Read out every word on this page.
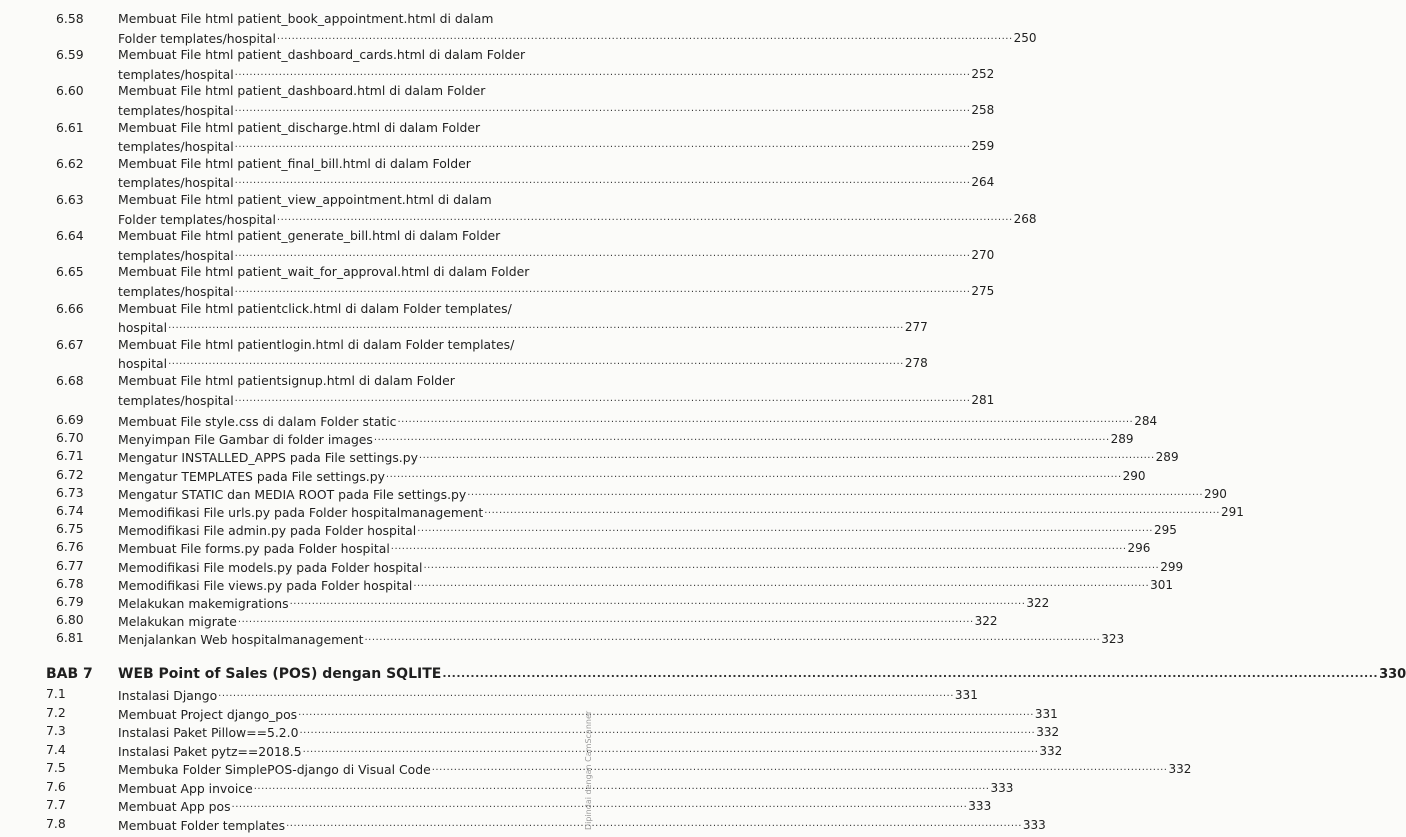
6.58	Membuat File html patient_book_appointment.html di dalam
Folder templates/hospital ........................................................................................................................................................................................................ 250
6.59	Membuat File html patient_dashboard_cards.html di dalam Folder
templates/hospital ........................................................................................................................................................................................................ 252
6.60	Membuat File html patient_dashboard.html di dalam Folder
templates/hospital ........................................................................................................................................................................................................ 258
6.61	Membuat File html patient_discharge.html di dalam Folder
templates/hospital ........................................................................................................................................................................................................ 259
6.62	Membuat File html patient_final_bill.html di dalam Folder
templates/hospital ........................................................................................................................................................................................................ 264
6.63	Membuat File html patient_view_appointment.html di dalam
Folder templates/hospital ........................................................................................................................................................................................................ 268
6.64	Membuat File html patient_generate_bill.html di dalam Folder
templates/hospital ........................................................................................................................................................................................................ 270
6.65	Membuat File html patient_wait_for_approval.html di dalam Folder
templates/hospital ........................................................................................................................................................................................................ 275
6.66	Membuat File html patientclick.html di dalam Folder templates/
hospital ........................................................................................................................................................................................................ 277
6.67	Membuat File html patientlogin.html di dalam Folder templates/
hospital ........................................................................................................................................................................................................ 278
6.68	Membuat File html patientsignup.html di dalam Folder
templates/hospital ........................................................................................................................................................................................................ 281
6.69	Membuat File style.css di dalam Folder static ........................................................................................................................................................................................................ 284
6.70	Menyimpan File Gambar di folder images ........................................................................................................................................................................................................ 289
6.71	Mengatur INSTALLED_APPS pada File settings.py ........................................................................................................................................................................................................ 289
6.72	Mengatur TEMPLATES pada File settings.py ........................................................................................................................................................................................................ 290
6.73	Mengatur STATIC dan MEDIA ROOT pada File settings.py ........................................................................................................................................................................................................ 290
6.74	Memodifikasi File urls.py pada Folder hospitalmanagement ........................................................................................................................................................................................................ 291
6.75	Memodifikasi File admin.py pada Folder hospital ........................................................................................................................................................................................................ 295
6.76	Membuat File forms.py pada Folder hospital ........................................................................................................................................................................................................ 296
6.77	Memodifikasi File models.py pada Folder hospital ........................................................................................................................................................................................................ 299
6.78	Memodifikasi File views.py pada Folder hospital ........................................................................................................................................................................................................ 301
6.79	Melakukan makemigrations ........................................................................................................................................................................................................ 322
6.80	Melakukan migrate ........................................................................................................................................................................................................ 322
6.81	Menjalankan Web hospitalmanagement ........................................................................................................................................................................................................ 323
BAB 7 WEB Point of Sales (POS) dengan SQLITE ........................................................................................................................................................................................................ 330
7.1	Instalasi Django ........................................................................................................................................................................................................ 331
7.2	Membuat Project django_pos ........................................................................................................................................................................................................ 331
7.3	Instalasi Paket Pillow==5.2.0 ........................................................................................................................................................................................................ 332
7.4	Instalasi Paket pytz==2018.5 ........................................................................................................................................................................................................ 332
7.5	Membuka Folder SimplePOS-django di Visual Code ........................................................................................................................................................................................................ 332
7.6	Membuat App invoice ........................................................................................................................................................................................................ 333
7.7	Membuat App pos ........................................................................................................................................................................................................ 333
7.8	Membuat Folder templates ........................................................................................................................................................................................................ 333
Dipindai dengan CamScanner
